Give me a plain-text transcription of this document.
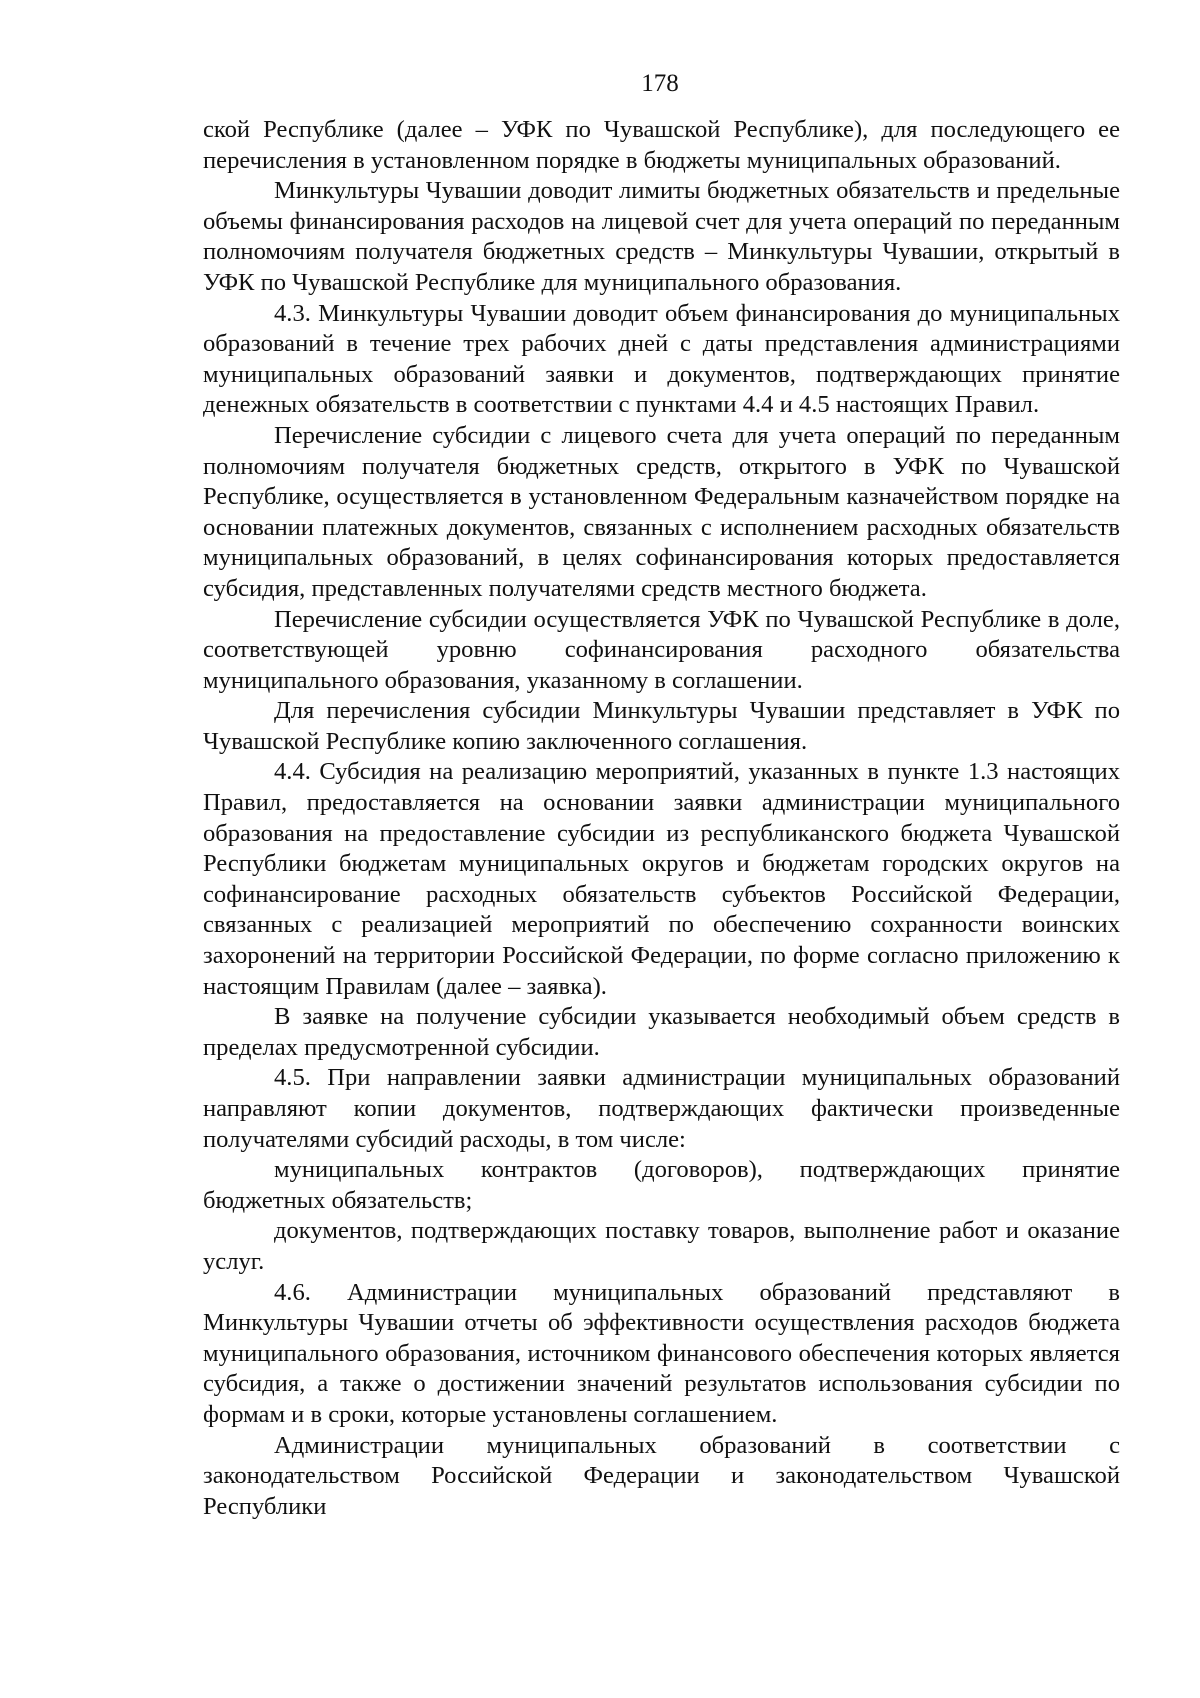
178

ской Республике (далее – УФК по Чувашской Республике), для последующего ее перечисления в установленном порядке в бюджеты муниципальных образований.

Минкультуры Чувашии доводит лимиты бюджетных обязательств и предельные объемы финансирования расходов на лицевой счет для учета операций по переданным полномочиям получателя бюджетных средств – Минкультуры Чувашии, открытый в УФК по Чувашской Республике для муниципального образования.

4.3. Минкультуры Чувашии доводит объем финансирования до муниципальных образований в течение трех рабочих дней с даты представления администрациями муниципальных образований заявки и документов, подтверждающих принятие денежных обязательств в соответствии с пунктами 4.4 и 4.5 настоящих Правил.

Перечисление субсидии с лицевого счета для учета операций по переданным полномочиям получателя бюджетных средств, открытого в УФК по Чувашской Республике, осуществляется в установленном Федеральным казначейством порядке на основании платежных документов, связанных с исполнением расходных обязательств муниципальных образований, в целях софинансирования которых предоставляется субсидия, представленных получателями средств местного бюджета.

Перечисление субсидии осуществляется УФК по Чувашской Республике в доле, соответствующей уровню софинансирования расходного обязательства муниципального образования, указанному в соглашении.

Для перечисления субсидии Минкультуры Чувашии представляет в УФК по Чувашской Республике копию заключенного соглашения.

4.4. Субсидия на реализацию мероприятий, указанных в пункте 1.3 настоящих Правил, предоставляется на основании заявки администрации муниципального образования на предоставление субсидии из республиканского бюджета Чувашской Республики бюджетам муниципальных округов и бюджетам городских округов на софинансирование расходных обязательств субъектов Российской Федерации, связанных с реализацией мероприятий по обеспечению сохранности воинских захоронений на территории Российской Федерации, по форме согласно приложению к настоящим Правилам (далее – заявка).

В заявке на получение субсидии указывается необходимый объем средств в пределах предусмотренной субсидии.

4.5. При направлении заявки администрации муниципальных образований направляют копии документов, подтверждающих фактически произведенные получателями субсидий расходы, в том числе:

муниципальных контрактов (договоров), подтверждающих принятие бюджетных обязательств;

документов, подтверждающих поставку товаров, выполнение работ и оказание услуг.

4.6. Администрации муниципальных образований представляют в Минкультуры Чувашии отчеты об эффективности осуществления расходов бюджета муниципального образования, источником финансового обеспечения которых является субсидия, а также о достижении значений результатов использования субсидии по формам и в сроки, которые установлены соглашением.

Администрации муниципальных образований в соответствии с законодательством Российской Федерации и законодательством Чувашской Республики
